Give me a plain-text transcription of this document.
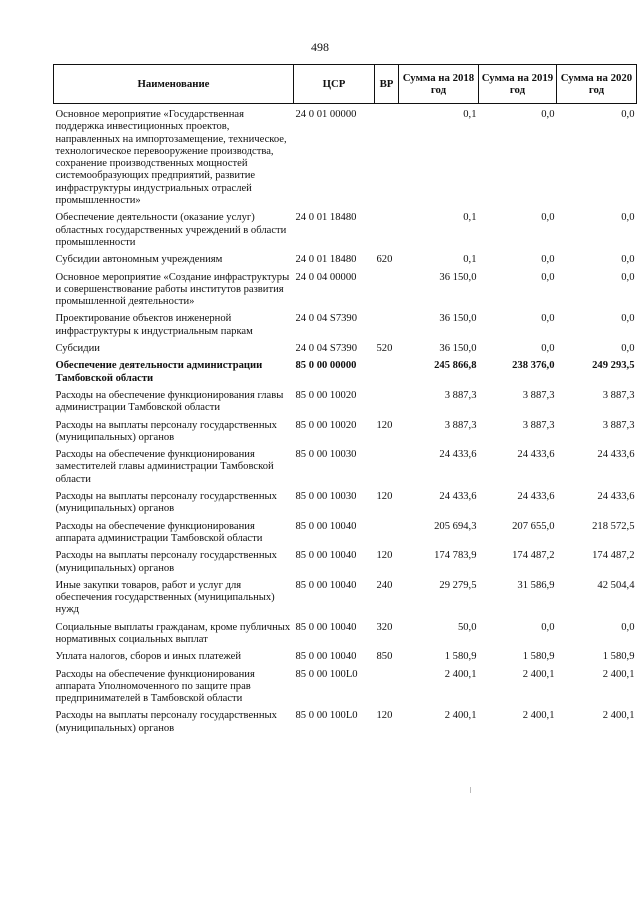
498
Наименование	ЦСР	ВР	Сумма на 2018 год	Сумма на 2019 год	Сумма на 2020 год
Основное мероприятие «Государственная поддержка инвестиционных проектов, направленных на импортозамещение, техническое, технологическое перевооружение производства, сохранение производственных мощностей системообразующих предприятий, развитие инфраструктуры индустриальных отраслей промышленности»	24 0 01 00000		0,1	0,0	0,0
Обеспечение деятельности (оказание услуг) областных государственных учреждений в области промышленности	24 0 01 18480		0,1	0,0	0,0
Субсидии автономным учреждениям	24 0 01 18480	620	0,1	0,0	0,0
Основное мероприятие «Создание инфраструктуры и совершенствование работы институтов развития промышленной деятельности»	24 0 04 00000		36 150,0	0,0	0,0
Проектирование объектов инженерной инфраструктуры к индустриальным паркам	24 0 04 S7390		36 150,0	0,0	0,0
Субсидии	24 0 04 S7390	520	36 150,0	0,0	0,0
Обеспечение деятельности администрации Тамбовской области	85 0 00 00000		245 866,8	238 376,0	249 293,5
Расходы на обеспечение функционирования главы администрации Тамбовской области	85 0 00 10020		3 887,3	3 887,3	3 887,3
Расходы на выплаты персоналу государственных (муниципальных) органов	85 0 00 10020	120	3 887,3	3 887,3	3 887,3
Расходы на обеспечение функционирования заместителей главы администрации Тамбовской области	85 0 00 10030		24 433,6	24 433,6	24 433,6
Расходы на выплаты персоналу государственных (муниципальных) органов	85 0 00 10030	120	24 433,6	24 433,6	24 433,6
Расходы на обеспечение функционирования аппарата администрации Тамбовской области	85 0 00 10040		205 694,3	207 655,0	218 572,5
Расходы на выплаты персоналу государственных (муниципальных) органов	85 0 00 10040	120	174 783,9	174 487,2	174 487,2
Иные закупки товаров, работ и услуг для обеспечения государственных (муниципальных) нужд	85 0 00 10040	240	29 279,5	31 586,9	42 504,4
Социальные выплаты гражданам, кроме публичных нормативных социальных выплат	85 0 00 10040	320	50,0	0,0	0,0
Уплата налогов, сборов и иных платежей	85 0 00 10040	850	1 580,9	1 580,9	1 580,9
Расходы на обеспечение функционирования аппарата Уполномоченного по защите прав предпринимателей в Тамбовской области	85 0 00 100L0		2 400,1	2 400,1	2 400,1
Расходы на выплаты персоналу государственных (муниципальных) органов	85 0 00 100L0	120	2 400,1	2 400,1	2 400,1
